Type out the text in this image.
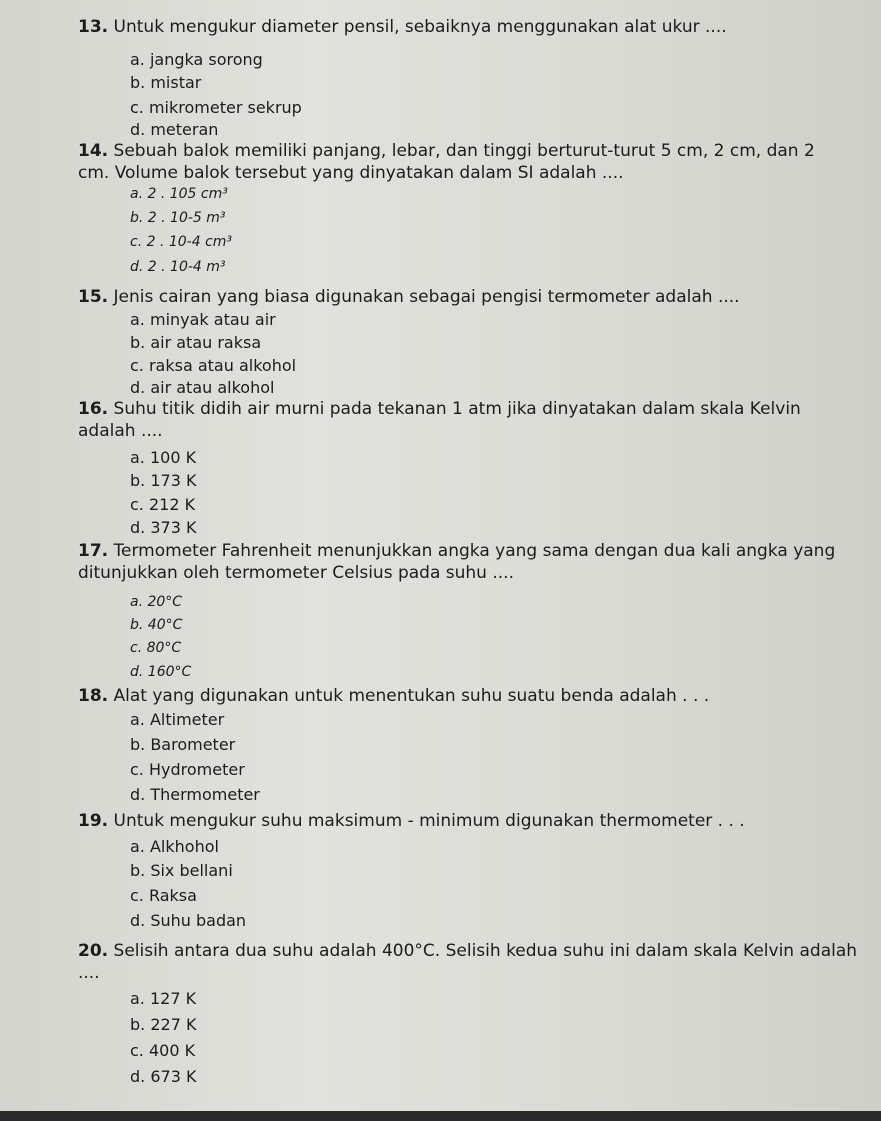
13. Untuk mengukur diameter pensil, sebaiknya menggunakan alat ukur ....
a. jangka sorong
b. mistar
c. mikrometer sekrup
d. meteran
14. Sebuah balok memiliki panjang, lebar, dan tinggi berturut-turut 5 cm, 2 cm, dan 2 cm. Volume balok tersebut yang dinyatakan dalam SI adalah ....
a. 2 . 105 cm³
b. 2 . 10-5 m³
c. 2 . 10-4 cm³
d. 2 . 10-4 m³
15. Jenis cairan yang biasa digunakan sebagai pengisi termometer adalah ....
a. minyak atau air
b. air atau raksa
c. raksa atau alkohol
d. air atau alkohol
16. Suhu titik didih air murni pada tekanan 1 atm jika dinyatakan dalam skala Kelvin adalah ....
a. 100 K
b. 173 K
c. 212 K
d. 373 K
17. Termometer Fahrenheit menunjukkan angka yang sama dengan dua kali angka yang ditunjukkan oleh termometer Celsius pada suhu ....
a. 20°C
b. 40°C
c. 80°C
d. 160°C
18. Alat yang digunakan untuk menentukan suhu suatu benda adalah . . .
a. Altimeter
b. Barometer
c. Hydrometer
d. Thermometer
19. Untuk mengukur suhu maksimum - minimum digunakan thermometer . . .
a. Alkhohol
b. Six bellani
c. Raksa
d. Suhu badan
20. Selisih antara dua suhu adalah 400°C. Selisih kedua suhu ini dalam skala Kelvin adalah ....
a. 127 K
b. 227 K
c. 400 K
d. 673 K
